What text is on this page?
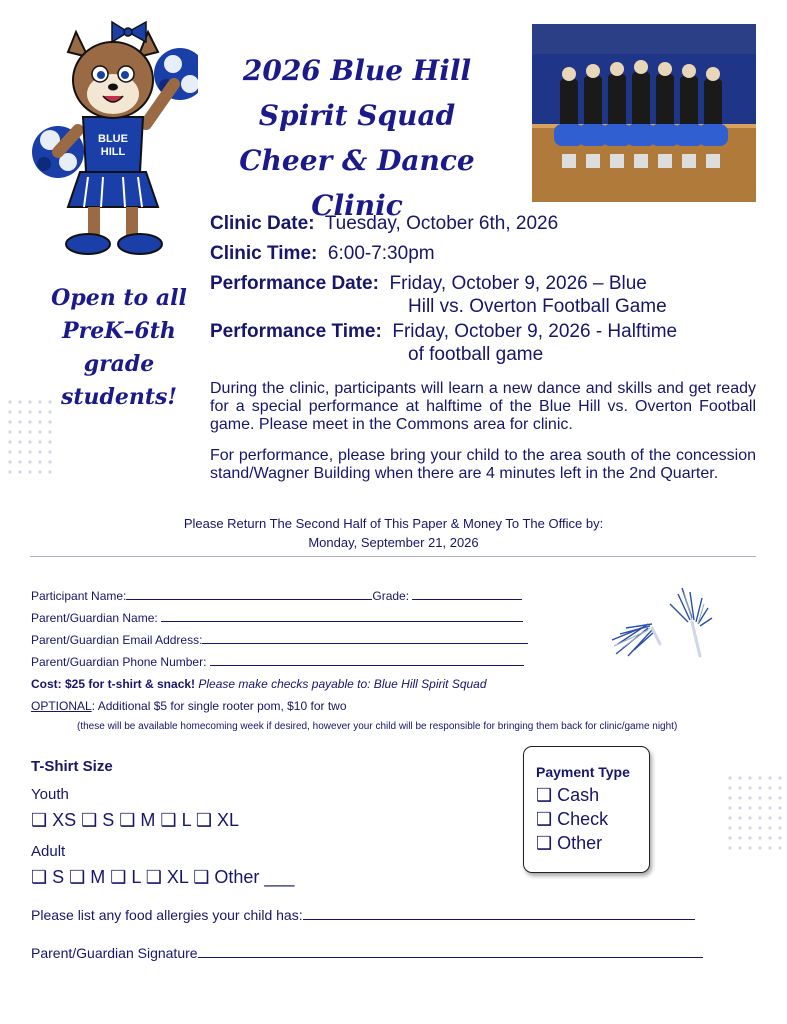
BLUE
HILL
2026 Blue Hill
Spirit Squad
Cheer & Dance Clinic
Open to all
PreK–6th
grade students!
Clinic Date: Tuesday, October 6th, 2026
Clinic Time: 6:00-7:30pm
Performance Date: Friday, October 9, 2026 – Blue
Hill vs. Overton Football Game
Performance Time: Friday, October 9, 2026 - Halftime
of football game
During the clinic, participants will learn a new dance and skills and get ready for a special performance at halftime of the Blue Hill vs. Overton Football game. Please meet in the Commons area for clinic.
For performance, please bring your child to the area south of the concession stand/Wagner Building when there are 4 minutes left in the 2nd Quarter.
Please Return The Second Half of This Paper & Money To The Office by:
Monday, September 21, 2026
Participant Name:	Grade:
Parent/Guardian Name:
Parent/Guardian Email Address:
Parent/Guardian Phone Number:
Cost: $25 for t-shirt & snack! Please make checks payable to: Blue Hill Spirit Squad
OPTIONAL: Additional $5 for single rooter pom, $10 for two
(these will be available homecoming week if desired, however your child will be responsible for bringing them back for clinic/game night)
T-Shirt Size
Youth
❑ XS ❑ S ❑ M ❑ L ❑ XL
Adult
❑ S ❑ M ❑ L ❑ XL ❑ Other ___
Payment Type
❑ Cash
❑ Check
❑ Other
Please list any food allergies your child has:
Parent/Guardian Signature
